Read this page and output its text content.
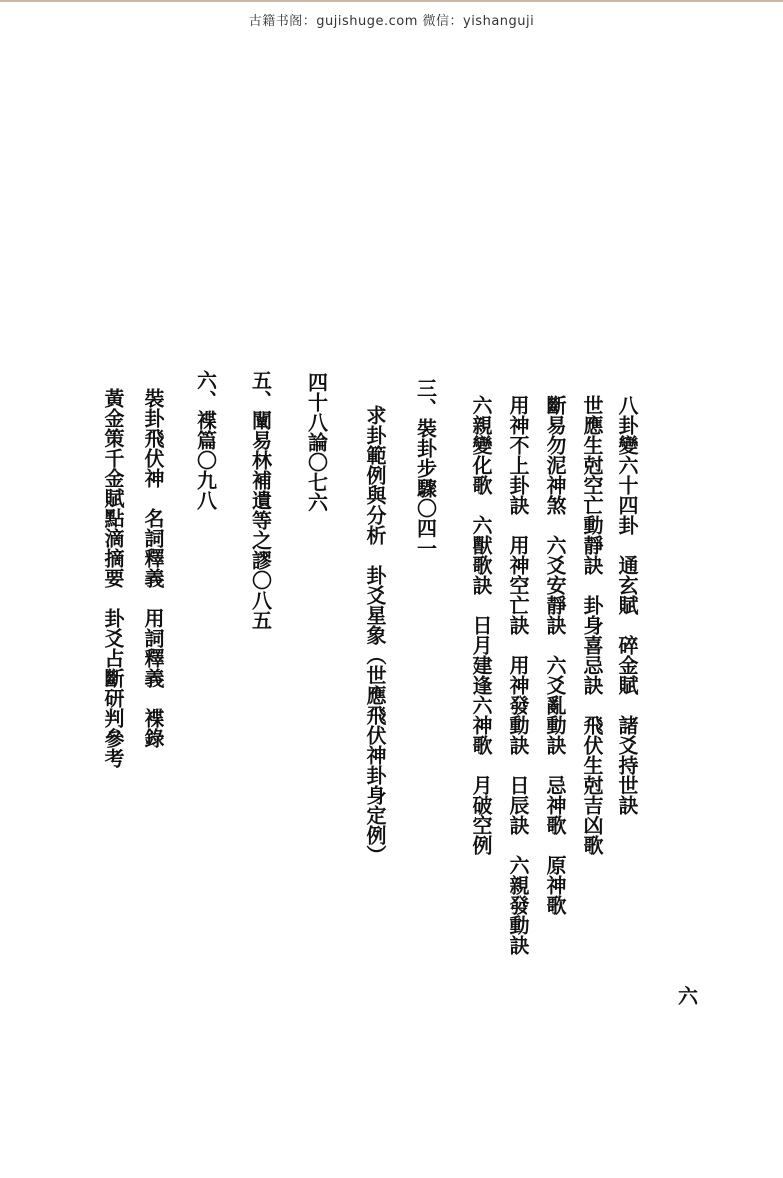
古籍书阁：gujishuge.com 微信：yishanguji
八卦變六十四卦　通玄賦　碎金賦　諸爻持世訣
世應生尅空亡動靜訣　卦身喜忌訣　飛伏生尅吉凶歌
斷易勿泥神煞　六爻安靜訣　六爻亂動訣　忌神歌　原神歌
用神不上卦訣　用神空亡訣　用神發動訣　日辰訣　六親發動訣
六親變化歌　六獸歌訣　日月建逢六神歌　月破空例
三、裝卦步驟
〇四一
求卦範例與分析　卦爻星象（世應飛伏神卦身定例）
四十八論
〇七六
五、闡易林補遺等之謬
〇八五
六、褋篇
〇九八
裝卦飛伏神　名詞釋義　用詞釋義　褋錄
黃金策千金賦點滴摘要　卦爻占斷研判參考
六
